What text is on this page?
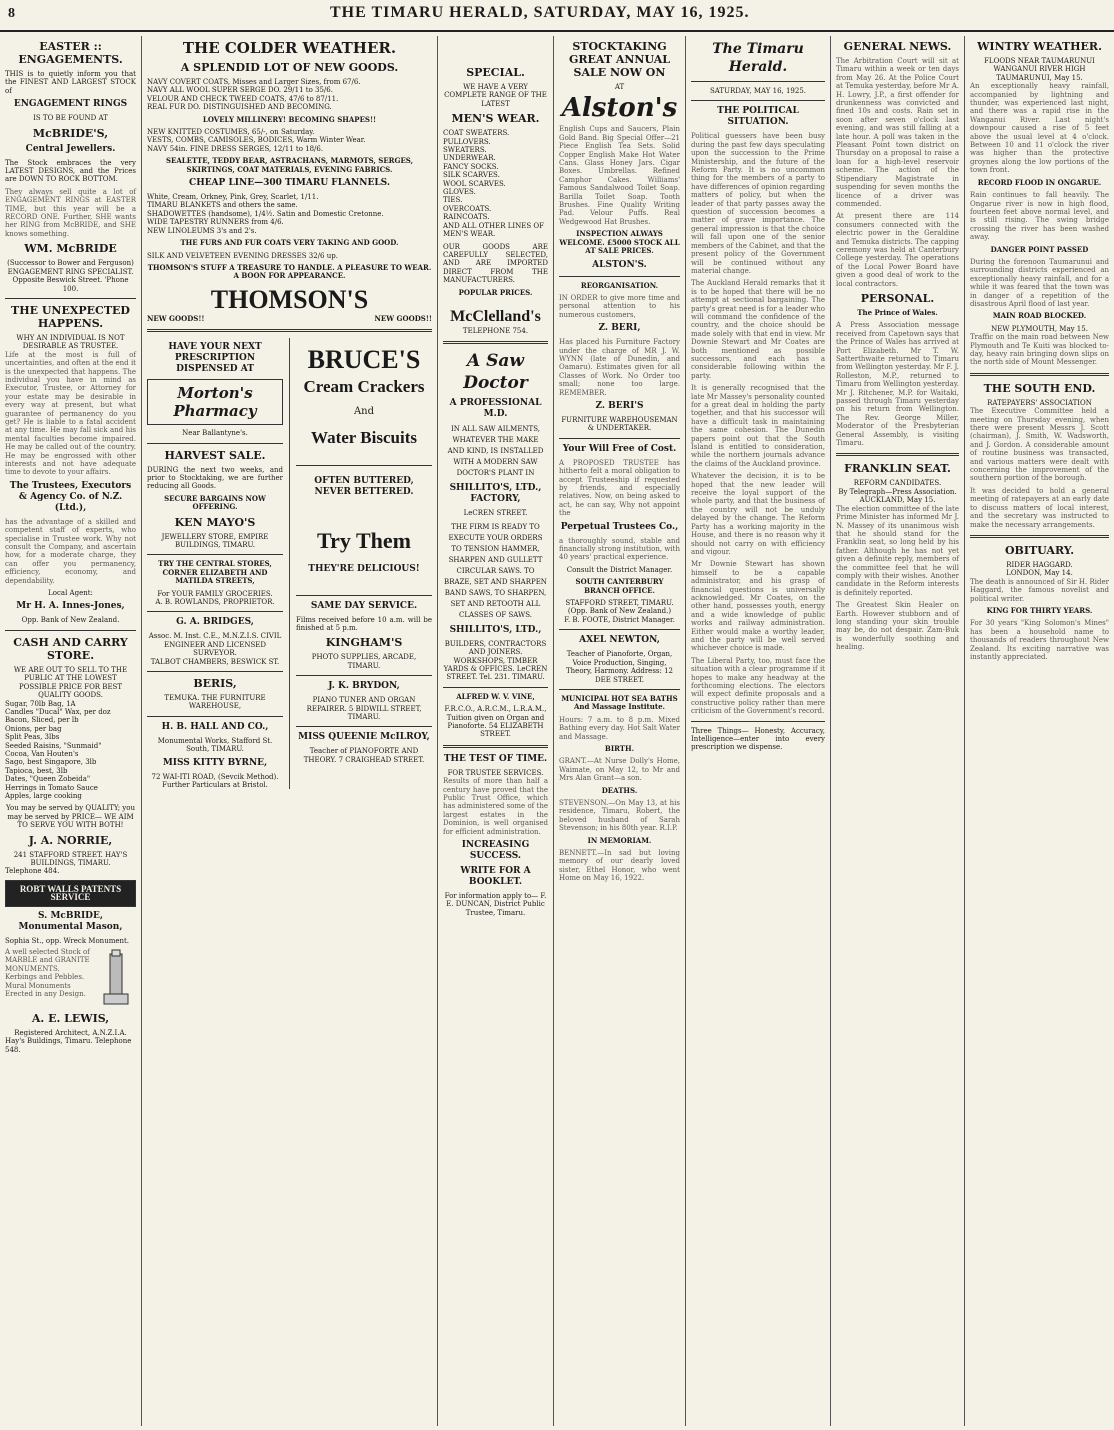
8	THE TIMARU HERALD, SATURDAY, MAY 16, 1925.
EASTER :: ENGAGEMENTS.

THIS is to quietly inform you that the FINEST AND LARGEST STOCK of

ENGAGEMENT RINGS
IS TO BE FOUND AT
McBRIDE'S,
Central Jewellers.

The Stock embraces the very LATEST DESIGNS, and the Prices are DOWN TO ROCK BOTTOM.

They always sell quite a lot of ENGAGEMENT RINGS at EASTER TIME, but this year will be a RECORD ONE. Further, SHE wants her RING from McBRIDE, and SHE knows something.

WM. McBRIDE
(Successor to Bower and Ferguson) ENGAGEMENT RING SPECIALIST. Opposite Beswick Street. 'Phone 100.
THE UNEXPECTED HAPPENS.
WHY AN INDIVIDUAL IS NOT DESIRABLE AS TRUSTEE.

Life at the most is full of uncertainties, and often at the end it is the unexpected that happens. The individual you have in mind as Executor, Trustee, or Attorney for your estate may be desirable in every way at present, but what guarantee of permanency do you get? He is liable to a fatal accident at any time. He may fall sick and his mental faculties become impaired. He may be called out of the country. He may be engrossed with other interests and not have adequate time to devote to your affairs.

The Trustees, Executors & Agency Co. of N.Z. (Ltd.),

has the advantage of a skilled and competent staff of experts, who specialise in Trustee work. Why not consult the Company, and ascertain how, for a moderate charge, they can offer you permanency, efficiency, economy, and dependability.

Local Agent:
Mr H. A. Innes-Jones,
Opp. Bank of New Zealand.
CASH AND CARRY STORE.
WE ARE OUT TO SELL TO THE PUBLIC AT THE LOWEST POSSIBLE PRICE FOR BEST QUALITY GOODS.
Sugar, 70lb Bag, 1A
Candles "Ducal" Wax, per doz
Bacon, Sliced, per lb
Onions, per bag
Split Peas, 3lbs
Seeded Raisins, "Sunmaid"
Cocoa, Van Houten's
Sago, best Singapore, 3lb
Tapioca, best, 3lb
Dates, "Queen Zobeida"
Herrings in Tomato Sauce
Apples, large cooking

You may be served by QUALITY; you may be served by PRICE— WE AIM TO SERVE YOU WITH BOTH!

J. A. NORRIE,
241 STAFFORD STREET. HAY'S BUILDINGS, TIMARU.
Telephone 484.
ROBT WALLS PATENTS SERVICE
S. McBRIDE, Monumental Mason,
Sophia St., opp. Wreck Monument.
A well selected Stock of MARBLE and GRANITE MONUMENTS. Kerbings and Pebbles. Mural Monuments Erected in any Design.
A. E. LEWIS,
Registered Architect, A.N.Z.I.A.
Hay's Buildings, Timaru. Telephone 548.
THE COLDER WEATHER.
A SPLENDID LOT OF NEW GOODS.
NAVY COVERT COATS, Misses and Larger Sizes, from 67/6.
NAVY ALL WOOL SUPER SERGE DO. 29/11 to 35/6.
VELOUR AND CHECK TWEED COATS, 47/6 to 87/11.
REAL FUR DO. DISTINGUISHED AND BECOMING.
LOVELY MILLINERY! BECOMING SHAPES!!
NEW KNITTED COSTUMES, 65/-, on Saturday.
VESTS, COMBS, CAMISOLES, BODICES, Warm Winter Wear.
NAVY 54in. FINE DRESS SERGES, 12/11 to 18/6.
SEALETTE, TEDDY BEAR, ASTRACHANS, MARMOTS, SERGES, SKIRTINGS, COAT MATERIALS, EVENING FABRICS.
CHEAP LINE—300 TIMARU FLANNELS.
White, Cream, Orkney, Pink, Grey, Scarlet, 1/11.
TIMARU BLANKETS and others the same.
SHADOWETTES (handsome), 1/4½. Satin and Domestic Cretonne.
WIDE TAPESTRY RUNNERS from 4/6.
NEW LINOLEUMS 3's and 2's.
THE FURS AND FUR COATS VERY TAKING AND GOOD.
SILK AND VELVETEEN EVENING DRESSES 32/6 up.
THOMSON'S STUFF A TREASURE TO HANDLE. A PLEASURE TO WEAR. A BOON FOR APPEARANCE.
THOMSON'S
NEW GOODS!!	NEW GOODS!!
HAVE YOUR NEXT PRESCRIPTION DISPENSED AT
Morton's Pharmacy
Near Ballantyne's.
HARVEST SALE.

DURING the next two weeks, and prior to Stocktaking, we are further reducing all Goods.

SECURE BARGAINS NOW OFFERING.
KEN MAYO'S
JEWELLERY STORE, EMPIRE BUILDINGS, TIMARU.
TRY THE CENTRAL STORES, CORNER ELIZABETH AND MATILDA STREETS,
For YOUR FAMILY GROCERIES.
A. B. ROWLANDS, PROPRIETOR.
G. A. BRIDGES,
Assoc. M. Inst. C.E., M.N.Z.I.S. CIVIL ENGINEER AND LICENSED SURVEYOR.
TALBOT CHAMBERS, BESWICK ST.
BERIS,
TEMUKA. THE FURNITURE WAREHOUSE,
H. B. HALL AND CO.,
Monumental Works, Stafford St. South, TIMARU.
MISS KITTY BYRNE,
72 WAI-ITI ROAD, (Sevcik Method). Further Particulars at Bristol.
BRUCE'S
Cream Crackers
And
Water Biscuits
OFTEN BUTTERED, NEVER BETTERED.
Try Them
THEY'RE DELICIOUS!
SAME DAY SERVICE.

Films received before 10 a.m. will be finished at 5 p.m.

KINGHAM'S
PHOTO SUPPLIES, ARCADE, TIMARU.
J. K. BRYDON,
PIANO TUNER AND ORGAN REPAIRER. 5 BIDWILL STREET, TIMARU.
MISS QUEENIE McILROY,
Teacher of PIANOFORTE AND THEORY. 7 CRAIGHEAD STREET.
SPECIAL.
WE HAVE A VERY COMPLETE RANGE OF THE LATEST
MEN'S WEAR.
COAT SWEATERS.
PULLOVERS.
SWEATERS.
UNDERWEAR.
FANCY SOCKS.
SILK SCARVES.
WOOL SCARVES.
GLOVES.
TIES.
OVERCOATS.
RAINCOATS.
AND ALL OTHER LINES OF MEN'S WEAR.

OUR GOODS ARE CAREFULLY SELECTED, AND ARE IMPORTED DIRECT FROM THE MANUFACTURERS.

POPULAR PRICES.
McClelland's
TELEPHONE 754.
A Saw Doctor
A PROFESSIONAL M.D.
IN ALL SAW AILMENTS, WHATEVER THE MAKE AND KIND, IS INSTALLED WITH A MODERN SAW DOCTOR'S PLANT IN
SHILLITO'S, LTD., FACTORY,
LeCREN STREET.
THE FIRM IS READY TO EXECUTE YOUR ORDERS TO TENSION HAMMER, SHARPEN AND GULLETT CIRCULAR SAWS. TO BRAZE, SET AND SHARPEN BAND SAWS, TO SHARPEN, SET AND RETOOTH ALL CLASSES OF SAWS.
SHILLITO'S, LTD.,
BUILDERS, CONTRACTORS AND JOINERS. WORKSHOPS, TIMBER YARDS & OFFICES. LeCREN STREET. Tel. 231. TIMARU.
ALFRED W. V. VINE,
F.R.C.O., A.R.C.M., L.R.A.M., Tuition given on Organ and Pianoforte. 54 ELIZABETH STREET.
THE TEST OF TIME.
FOR TRUSTEE SERVICES.

Results of more than half a century have proved that the Public Trust Office, which has administered some of the largest estates in the Dominion, is well organised for efficient administration.

INCREASING SUCCESS.
WRITE FOR A BOOKLET.
For information apply to— F. E. DUNCAN, District Public Trustee, Timaru.
STOCKTAKING GREAT ANNUAL SALE NOW ON
AT
Alston's

English Cups and Saucers, Plain Gold Band. Big Special Offer—21 Piece English Tea Sets. Solid Copper English Make Hot Water Cans. Glass Honey Jars. Cigar Boxes. Umbrellas. Refined Camphor Cakes. Williams' Famous Sandalwood Toilet Soap. Barilla Toilet Soap. Tooth Brushes. Fine Quality Writing Pad. Velour Puffs. Real Wedgewood Hat Brushes.

INSPECTION ALWAYS WELCOME. £5000 STOCK ALL AT SALE PRICES.
ALSTON'S.
REORGANISATION.

IN ORDER to give more time and personal attention to his numerous customers,

Z. BERI,

Has placed his Furniture Factory under the charge of MR J. W. WYNN (late of Dunedin, and Oamaru). Estimates given for all Classes of Work. No Order too small; none too large. REMEMBER.

Z. BERI'S
FURNITURE WAREHOUSEMAN & UNDERTAKER.
Your Will Free of Cost.

A PROPOSED TRUSTEE has hitherto felt a moral obligation to accept Trusteeship if requested by friends, and especially relatives. Now, on being asked to act, he can say, Why not appoint the

Perpetual Trustees Co.,

a thoroughly sound, stable and financially strong institution, with 40 years' practical experience.

Consult the District Manager.
SOUTH CANTERBURY BRANCH OFFICE.
STAFFORD STREET, TIMARU. (Opp. Bank of New Zealand.)
F. B. FOOTE, District Manager.
AXEL NEWTON,
Teacher of Pianoforte, Organ, Voice Production, Singing, Theory, Harmony. Address: 12 DEE STREET.
MUNICIPAL HOT SEA BATHS And Massage Institute.

Hours: 7 a.m. to 8 p.m. Mixed Bathing every day. Hot Salt Water and Massage.

BIRTH.

GRANT.—At Nurse Dolly's Home, Waimate, on May 12, to Mr and Mrs Alan Grant—a son.

DEATHS.

STEVENSON.—On May 13, at his residence, Timaru, Robert, the beloved husband of Sarah Stevenson; in his 80th year. R.I.P.

IN MEMORIAM.

BENNETT.—In sad but loving memory of our dearly loved sister, Ethel Honor, who went Home on May 16, 1922.

The Timaru Herald.
SATURDAY, MAY 16, 1925.
THE POLITICAL SITUATION.

Political guessers have been busy during the past few days speculating upon the succession to the Prime Ministership, and the future of the Reform Party. It is no uncommon thing for the members of a party to have differences of opinion regarding matters of policy, but when the leader of that party passes away the question of succession becomes a matter of grave importance. The general impression is that the choice will fall upon one of the senior members of the Cabinet, and that the present policy of the Government will be continued without any material change.

The Auckland Herald remarks that it is to be hoped that there will be no attempt at sectional bargaining. The party's great need is for a leader who will command the confidence of the country, and the choice should be made solely with that end in view. Mr Downie Stewart and Mr Coates are both mentioned as possible successors, and each has a considerable following within the party.

It is generally recognised that the late Mr Massey's personality counted for a great deal in holding the party together, and that his successor will have a difficult task in maintaining the same cohesion. The Dunedin papers point out that the South Island is entitled to consideration, while the northern journals advance the claims of the Auckland province.

Whatever the decision, it is to be hoped that the new leader will receive the loyal support of the whole party, and that the business of the country will not be unduly delayed by the change. The Reform Party has a working majority in the House, and there is no reason why it should not carry on with efficiency and vigour.

Mr Downie Stewart has shown himself to be a capable administrator, and his grasp of financial questions is universally acknowledged. Mr Coates, on the other hand, possesses youth, energy and a wide knowledge of public works and railway administration. Either would make a worthy leader, and the party will be well served whichever choice is made.

The Liberal Party, too, must face the situation with a clear programme if it hopes to make any headway at the forthcoming elections. The electors will expect definite proposals and a constructive policy rather than mere criticism of the Government's record.

Three Things— Honesty, Accuracy, Intelligence—enter into every prescription we dispense.

GENERAL NEWS.

The Arbitration Court will sit at Timaru within a week or ten days from May 26. At the Police Court at Temuka yesterday, before Mr A. H. Lowry, J.P., a first offender for drunkenness was convicted and fined 10s and costs. Rain set in soon after seven o'clock last evening, and was still falling at a late hour. A poll was taken in the Pleasant Point town district on Thursday on a proposal to raise a loan for a high-level reservoir scheme. The action of the Stipendiary Magistrate in suspending for seven months the licence of a driver was commended.

At present there are 114 consumers connected with the electric power in the Geraldine and Temuka districts. The capping ceremony was held at Canterbury College yesterday. The operations of the Local Power Board have given a good deal of work to the local contractors.

PERSONAL.
The Prince of Wales.

A Press Association message received from Capetown says that the Prince of Wales has arrived at Port Elizabeth. Mr T. W. Satterthwaite returned to Timaru from Wellington yesterday. Mr F. J. Rolleston, M.P., returned to Timaru from Wellington yesterday. Mr J. Ritchener, M.P. for Waitaki, passed through Timaru yesterday on his return from Wellington. The Rev. George Miller, Moderator of the Presbyterian General Assembly, is visiting Timaru.

FRANKLIN SEAT.
REFORM CANDIDATES.
By Telegraph—Press Association.
AUCKLAND, May 15.

The election committee of the late Prime Minister has informed Mr J. N. Massey of its unanimous wish that he should stand for the Franklin seat, so long held by his father. Although he has not yet given a definite reply, members of the committee feel that he will comply with their wishes. Another candidate in the Reform interests is definitely reported.

The Greatest Skin Healer on Earth. However stubborn and of long standing your skin trouble may be, do not despair. Zam-Buk is wonderfully soothing and healing.

WINTRY WEATHER.
FLOODS NEAR TAUMARUNUI
WANGANUI RIVER HIGH
TAUMARUNUI, May 15.

An exceptionally heavy rainfall, accompanied by lightning and thunder, was experienced last night, and there was a rapid rise in the Wanganui River. Last night's downpour caused a rise of 5 feet above the usual level at 4 o'clock. Between 10 and 11 o'clock the river was higher than the protective groynes along the low portions of the town front.

RECORD FLOOD IN ONGARUE.

Rain continues to fall heavily. The Ongarue river is now in high flood, fourteen feet above normal level, and is still rising. The swing bridge crossing the river has been washed away.

DANGER POINT PASSED

During the forenoon Taumarunui and surrounding districts experienced an exceptionally heavy rainfall, and for a while it was feared that the town was in danger of a repetition of the disastrous April flood of last year.

MAIN ROAD BLOCKED.
NEW PLYMOUTH, May 15.

Traffic on the main road between New Plymouth and Te Kuiti was blocked to-day, heavy rain bringing down slips on the north side of Mount Messenger.

THE SOUTH END.
RATEPAYERS' ASSOCIATION

The Executive Committee held a meeting on Thursday evening, when there were present Messrs J. Scott (chairman), J. Smith, W. Wadsworth, and J. Gordon. A considerable amount of routine business was transacted, and various matters were dealt with concerning the improvement of the southern portion of the borough.

It was decided to hold a general meeting of ratepayers at an early date to discuss matters of local interest, and the secretary was instructed to make the necessary arrangements.

OBITUARY.
RIDER HAGGARD.
LONDON, May 14.

The death is announced of Sir H. Rider Haggard, the famous novelist and political writer.

KING FOR THIRTY YEARS.

For 30 years "King Solomon's Mines" has been a household name to thousands of readers throughout New Zealand. Its exciting narrative was instantly appreciated.
